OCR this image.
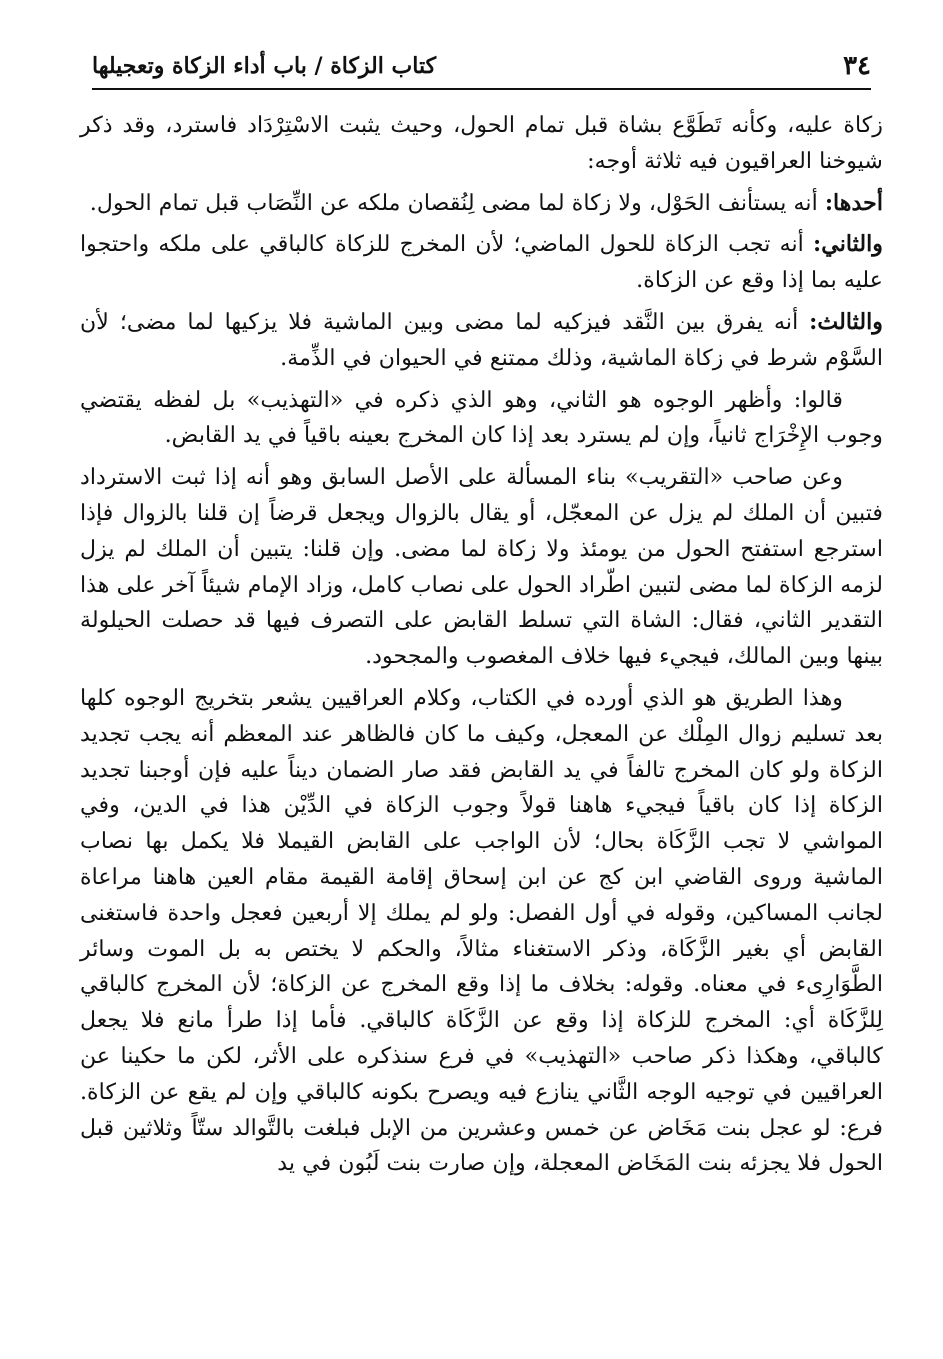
٣٤
كتاب الزكاة / باب أداء الزكاة وتعجيلها

زكاة عليه، وكأنه تَطَوَّع بشاة قبل تمام الحول، وحيث يثبت الاسْتِرْدَاد فاسترد، وقد ذكر شيوخنا العراقيون فيه ثلاثة أوجه:

أحدها: أنه يستأنف الحَوْل، ولا زكاة لما مضى لِنُقصان ملكه عن النِّصَاب قبل تمام الحول.

والثاني: أنه تجب الزكاة للحول الماضي؛ لأن المخرج للزكاة كالباقي على ملكه واحتجوا عليه بما إذا وقع عن الزكاة.

والثالث: أنه يفرق بين النَّقد فيزكيه لما مضى وبين الماشية فلا يزكيها لما مضى؛ لأن السَّوْم شرط في زكاة الماشية، وذلك ممتنع في الحيوان في الذِّمة.

قالوا: وأظهر الوجوه هو الثاني، وهو الذي ذكره في «التهذيب» بل لفظه يقتضي وجوب الإِخْرَاج ثانياً، وإن لم يسترد بعد إذا كان المخرج بعينه باقياً في يد القابض.

وعن صاحب «التقريب» بناء المسألة على الأصل السابق وهو أنه إذا ثبت الاسترداد فتبين أن الملك لم يزل عن المعجّل، أو يقال بالزوال ويجعل قرضاً إن قلنا بالزوال فإذا استرجع استفتح الحول من يومئذ ولا زكاة لما مضى. وإن قلنا: يتبين أن الملك لم يزل لزمه الزكاة لما مضى لتبين اطّراد الحول على نصاب كامل، وزاد الإمام شيئاً آخر على هذا التقدير الثاني، فقال: الشاة التي تسلط القابض على التصرف فيها قد حصلت الحيلولة بينها وبين المالك، فيجيء فيها خلاف المغصوب والمجحود.

وهذا الطريق هو الذي أورده في الكتاب، وكلام العراقيين يشعر بتخريج الوجوه كلها بعد تسليم زوال المِلْك عن المعجل، وكيف ما كان فالظاهر عند المعظم أنه يجب تجديد الزكاة ولو كان المخرج تالفاً في يد القابض فقد صار الضمان ديناً عليه فإن أوجبنا تجديد الزكاة إذا كان باقياً فيجيء هاهنا قولاً وجوب الزكاة في الدِّيْن هذا في الدين، وفي المواشي لا تجب الزَّكَاة بحال؛ لأن الواجب على القابض القيملا فلا يكمل بها نصاب الماشية وروى القاضي ابن كج عن ابن إسحاق إقامة القيمة مقام العين هاهنا مراعاة لجانب المساكين، وقوله في أول الفصل: ولو لم يملك إلا أربعين فعجل واحدة فاستغنى القابض أي بغير الزَّكَاة، وذكر الاستغناء مثالاً، والحكم لا يختص به بل الموت وسائر الطَّوَارِىء في معناه. وقوله: بخلاف ما إذا وقع المخرج عن الزكاة؛ لأن المخرج كالباقي لِلزَّكَاة أي: المخرج للزكاة إذا وقع عن الزَّكَاة كالباقي. فأما إذا طرأ مانع فلا يجعل كالباقي، وهكذا ذكر صاحب «التهذيب» في فرع سنذكره على الأثر، لكن ما حكينا عن العراقيين في توجيه الوجه الثَّاني ينازع فيه ويصرح بكونه كالباقي وإن لم يقع عن الزكاة. فرع: لو عجل بنت مَخَاض عن خمس وعشرين من الإبل فبلغت بالتَّوالد ستّاً وثلاثين قبل الحول فلا يجزئه بنت المَخَاض المعجلة، وإن صارت بنت لَبُون في يد
